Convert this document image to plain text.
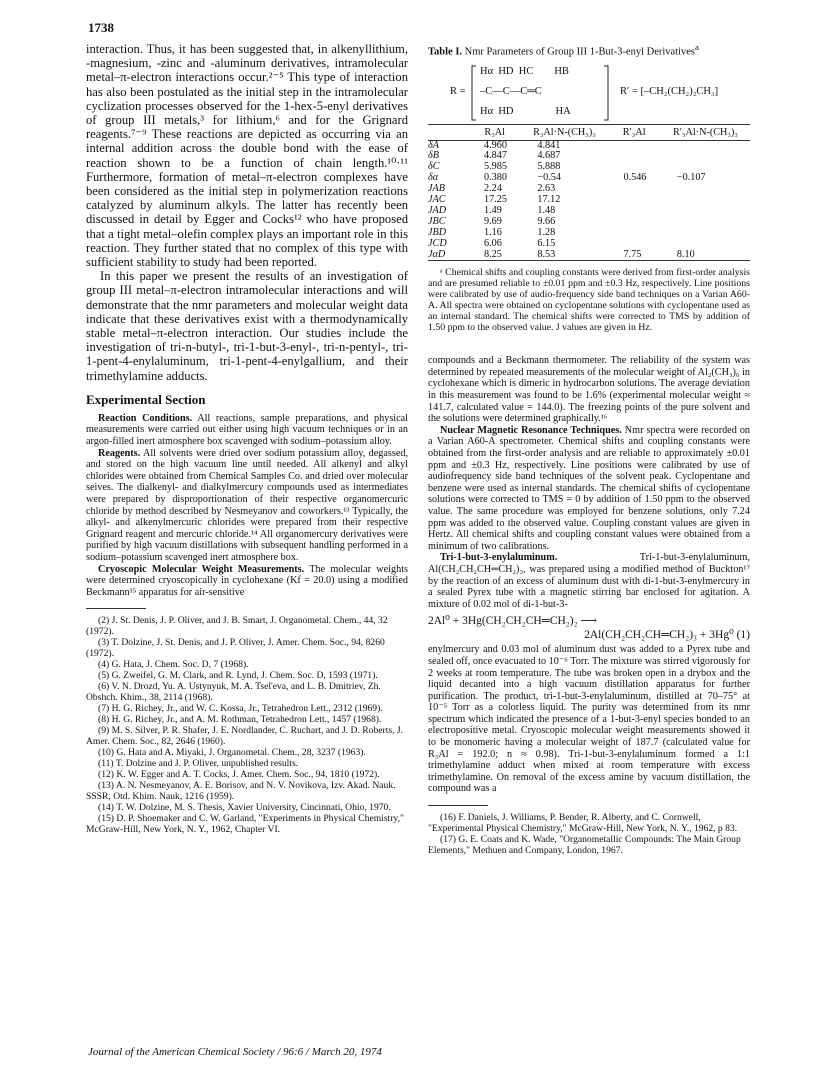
1738

interaction. Thus, it has been suggested that, in alkenyllithium, -magnesium, -zinc and -aluminum derivatives, intramolecular metal–π-electron interactions occur.²⁻⁵ This type of interaction has also been postulated as the initial step in the intramolecular cyclization processes observed for the 1-hex-5-enyl derivatives of group III metals,³ for lithium,⁶ and for the Grignard reagents.⁷⁻⁹ These reactions are depicted as occurring via an internal addition across the double bond with the ease of reaction shown to be a function of chain length.¹⁰·¹¹ Furthermore, formation of metal–π-electron complexes have been considered as the initial step in polymerization reactions catalyzed by aluminum alkyls. The latter has recently been discussed in detail by Egger and Cocks¹² who have proposed that a tight metal–olefin complex plays an important role in this reaction. They further stated that no complex of this type with sufficient stability to study had been reported.

In this paper we present the results of an investigation of group III metal–π-electron intramolecular interactions and will demonstrate that the nmr parameters and molecular weight data indicate that these derivatives exist with a thermodynamically stable metal–π-electron interaction. Our studies include the investigation of tri-n-butyl-, tri-1-but-3-enyl-, tri-n-pentyl-, tri-1-pent-4-enylaluminum, tri-1-pent-4-enylgallium, and their trimethylamine adducts.

Experimental Section

Reaction Conditions. All reactions, sample preparations, and physical measurements were carried out either using high vacuum techniques or in an argon-filled inert atmosphere box scavenged with sodium–potassium alloy.

Reagents. All solvents were dried over sodium potassium alloy, degassed, and stored on the high vacuum line until needed. All alkenyl and alkyl chlorides were obtained from Chemical Samples Co. and dried over molecular seives. The dialkenyl- and dialkylmercury compounds used as intermediates were prepared by disproportionation of their respective organomercuric chloride by method described by Nesmeyanov and coworkers.¹³ Typically, the alkyl- and alkenylmercuric chlorides were prepared from their respective Grignard reagent and mercuric chloride.¹⁴ All organomercury derivatives were purified by high vacuum distillations with subsequent handling performed in a sodium–potassium scavenged inert atmosphere box.

Cryoscopic Molecular Weight Measurements. The molecular weights were determined cryoscopically in cyclohexane (Kf = 20.0) using a modified Beckmann¹⁵ apparatus for air-sensitive

(2) J. St. Denis, J. P. Oliver, and J. B. Smart, J. Organometal. Chem., 44, 32 (1972).

(3) T. Dolzine, J. St. Denis, and J. P. Oliver, J. Amer. Chem. Soc., 94, 8260 (1972).

(4) G. Hata, J. Chem. Soc. D, 7 (1968).

(5) G. Zweifel, G. M. Clark, and R. Lynd, J. Chem. Soc. D, 1593 (1971).

(6) V. N. Drozd, Yu. A. Ustynyuk, M. A. Tsel'eva, and L. B. Dmitriev, Zh. Obshch. Khim., 38, 2114 (1968).

(7) H. G. Richey, Jr., and W. C. Kossa, Jr., Tetrahedron Lett., 2312 (1969).

(8) H. G. Richey, Jr., and A. M. Rothman, Tetrahedron Lett., 1457 (1968).

(9) M. S. Silver, P. R. Shafer, J. E. Nordlander, C. Ruchart, and J. D. Roberts, J. Amer. Chem. Soc., 82, 2646 (1960).

(10) G. Hata and A. Miyaki, J. Organometal. Chem., 28, 3237 (1963).

(11) T. Dolzine and J. P. Oliver, unpublished results.

(12) K. W. Egger and A. T. Cocks, J. Amer. Chem. Soc., 94, 1810 (1972).

(13) A. N. Nesmeyanov, A. E. Borisov, and N. V. Novikova, Izv. Akad. Nauk. SSSR, Otd. Khim. Nauk, 1216 (1959).

(14) T. W. Dolzine, M. S. Thesis, Xavier University, Cincinnati, Ohio, 1970.

(15) D. P. Shoemaker and C. W. Garland, "Experiments in Physical Chemistry," McGraw-Hill, New York, N. Y., 1962, Chapter VI.

Table I. Nmr Parameters of Group III 1-But-3-enyl Derivatives$^a$
R =
Hα  HD  HC        HB
–C—C—C═C
Hα  HD                HA
R′ = [–CH₂(CH₂)₂CH₃]
	R₃Al	R₃Al·N-(CH₃)₃	R′₃Al	R′₃Al·N-(CH₃)₃
δA	4.960	4.841		
δB	4.847	4.687		
δC	5.985	5.888		
δα	0.380	−0.54	0.546	−0.107
JAB	2.24	2.63		
JAC	17.25	17.12		
JAD	1.49	1.48		
JBC	9.69	9.66		
JBD	1.16	1.28		
JCD	6.06	6.15		
JαD	8.25	8.53	7.75	8.10

ᵃ Chemical shifts and coupling constants were derived from first-order analysis and are presumed reliable to ±0.01 ppm and ±0.3 Hz, respectively. Line positions were calibrated by use of audio-frequency side band techniques on a Varian A60-A. All spectra were obtained on cyclopentane solutions with cyclopentane used as an internal standard. The chemical shifts were corrected to TMS by addition of 1.50 ppm to the observed value. J values are given in Hz.

compounds and a Beckmann thermometer. The reliability of the system was determined by repeated measurements of the molecular weight of Al₂(CH₃)₆ in cyclohexane which is dimeric in hydrocarbon solutions. The average deviation in this measurement was found to be 1.6% (experimental molecular weight ≈ 141.7, calculated value = 144.0). The freezing points of the pure solvent and the solutions were determined graphically.¹⁶

Nuclear Magnetic Resonance Techniques. Nmr spectra were recorded on a Varian A60-A spectrometer. Chemical shifts and coupling constants were obtained from the first-order analysis and are reliable to approximately ±0.01 ppm and ±0.3 Hz, respectively. Line positions were calibrated by use of audiofrequency side band techniques of the solvent peak. Cyclopentane and benzene were used as internal standards. The chemical shifts of cyclopentane solutions were corrected to TMS = 0 by addition of 1.50 ppm to the observed value. The same procedure was employed for benzene solutions, only 7.24 ppm was added to the observed value. Coupling constant values are given in Hertz. All chemical shifts and coupling constant values were obtained from a minimum of two calibrations.

Tri-1-but-3-enylaluminum. Tri-1-but-3-enylaluminum, Al(CH₂CH₂CH═CH₂)₃, was prepared using a modified method of Buckton¹⁷ by the reaction of an excess of aluminum dust with di-1-but-3-enylmercury in a sealed Pyrex tube with a magnetic stirring bar enclosed for agitation. A mixture of 0.02 mol of di-1-but-3-

2Al⁰ + 3Hg(CH₂CH₂CH═CH₂)₂ ⟶
2Al(CH₂CH₂CH═CH₂)₃ + 3Hg⁰ (1)

enylmercury and 0.03 mol of aluminum dust was added to a Pyrex tube and sealed off, once evacuated to 10⁻⁶ Torr. The mixture was stirred vigorously for 2 weeks at room temperature. The tube was broken open in a drybox and the liquid decanted into a high vacuum distillation apparatus for further purification. The product, tri-1-but-3-enylaluminum, distilled at 70–75° at 10⁻⁵ Torr as a colorless liquid. The purity was determined from its nmr spectrum which indicated the presence of a 1-but-3-enyl species bonded to an electropositive metal. Cryoscopic molecular weight measurements showed it to be monomeric having a molecular weight of 187.7 (calculated value for R₃Al = 192.0; n ≈ 0.98). Tri-1-but-3-enylaluminum formed a 1:1 trimethylamine adduct when mixed at room temperature with excess trimethylamine. On removal of the excess amine by vacuum distillation, the compound was a

(16) F. Daniels, J. Williams, P. Bender, R. Alberty, and C. Cornwell, "Experimental Physical Chemistry," McGraw-Hill, New York, N. Y., 1962, p 83.

(17) G. E. Coats and K. Wade, "Organometallic Compounds: The Main Group Elements," Methuen and Company, London, 1967.

Journal of the American Chemical Society / 96:6 / March 20, 1974
